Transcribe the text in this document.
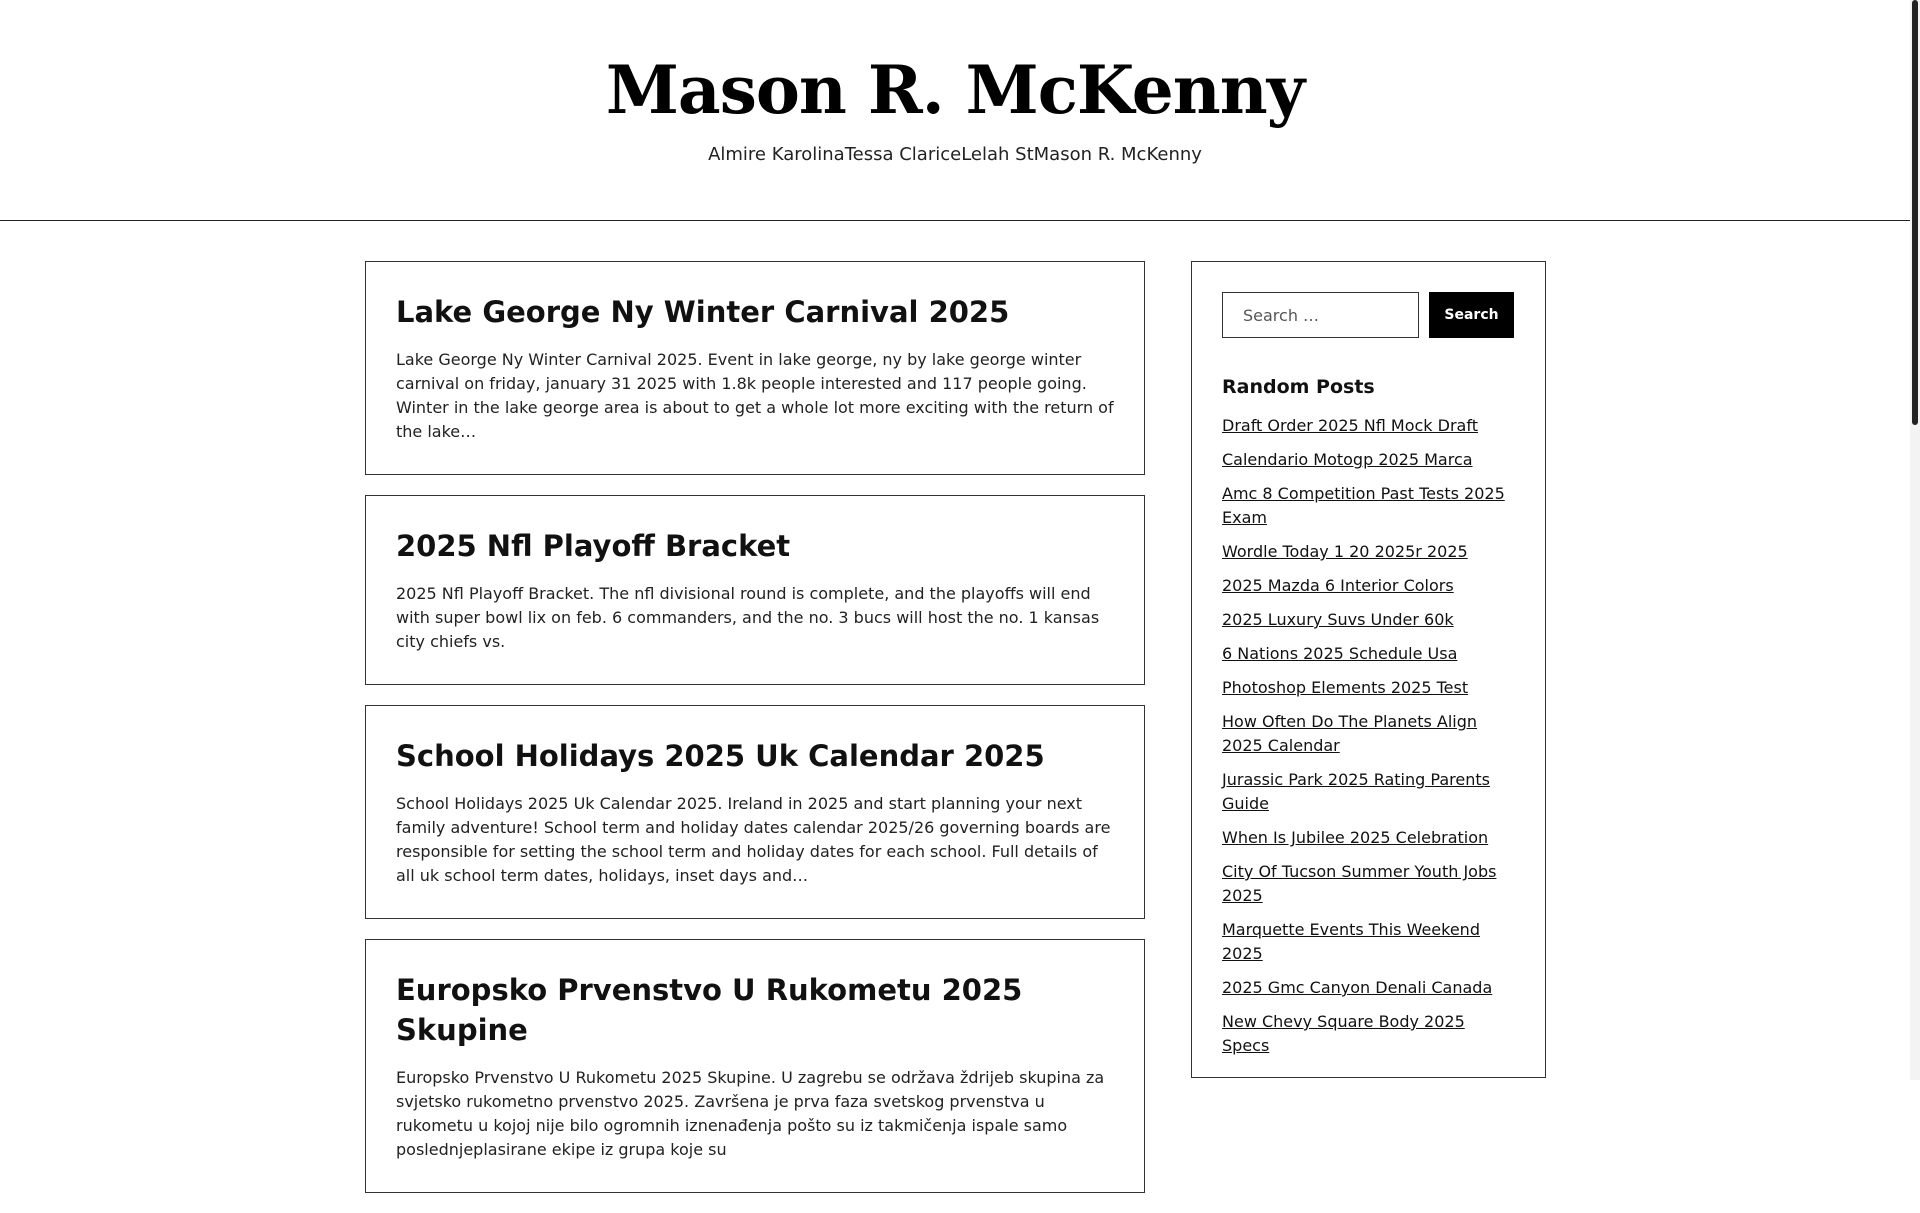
Mason R. McKenny
Almire KarolinaTessa ClariceLelah StMason R. McKenny
Lake George Ny Winter Carnival 2025

Lake George Ny Winter Carnival 2025. Event in lake george, ny by lake george winter carnival on friday, january 31 2025 with 1.8k people interested and 117 people going. Winter in the lake george area is about to get a whole lot more exciting with the return of the lake…

2025 Nfl Playoff Bracket

2025 Nfl Playoff Bracket. The nfl divisional round is complete, and the playoffs will end with super bowl lix on feb. 6 commanders, and the no. 3 bucs will host the no. 1 kansas city chiefs vs.

School Holidays 2025 Uk Calendar 2025

School Holidays 2025 Uk Calendar 2025. Ireland in 2025 and start planning your next family adventure! School term and holiday dates calendar 2025/26 governing boards are responsible for setting the school term and holiday dates for each school. Full details of all uk school term dates, holidays, inset days and…

Europsko Prvenstvo U Rukometu 2025 Skupine

Europsko Prvenstvo U Rukometu 2025 Skupine. U zagrebu se održava ždrijeb skupina za svjetsko rukometno prvenstvo 2025. Završena je prva faza svetskog prvenstva u rukometu u kojoj nije bilo ogromnih iznenađenja pošto su iz takmičenja ispale samo poslednjeplasirane ekipe iz grupa koje su

Search …
Search
Random Posts
Draft Order 2025 Nfl Mock Draft
Calendario Motogp 2025 Marca
Amc 8 Competition Past Tests 2025 Exam
Wordle Today 1 20 2025r 2025
2025 Mazda 6 Interior Colors
2025 Luxury Suvs Under 60k
6 Nations 2025 Schedule Usa
Photoshop Elements 2025 Test
How Often Do The Planets Align 2025 Calendar
Jurassic Park 2025 Rating Parents Guide
When Is Jubilee 2025 Celebration
City Of Tucson Summer Youth Jobs 2025
Marquette Events This Weekend 2025
2025 Gmc Canyon Denali Canada
New Chevy Square Body 2025 Specs
